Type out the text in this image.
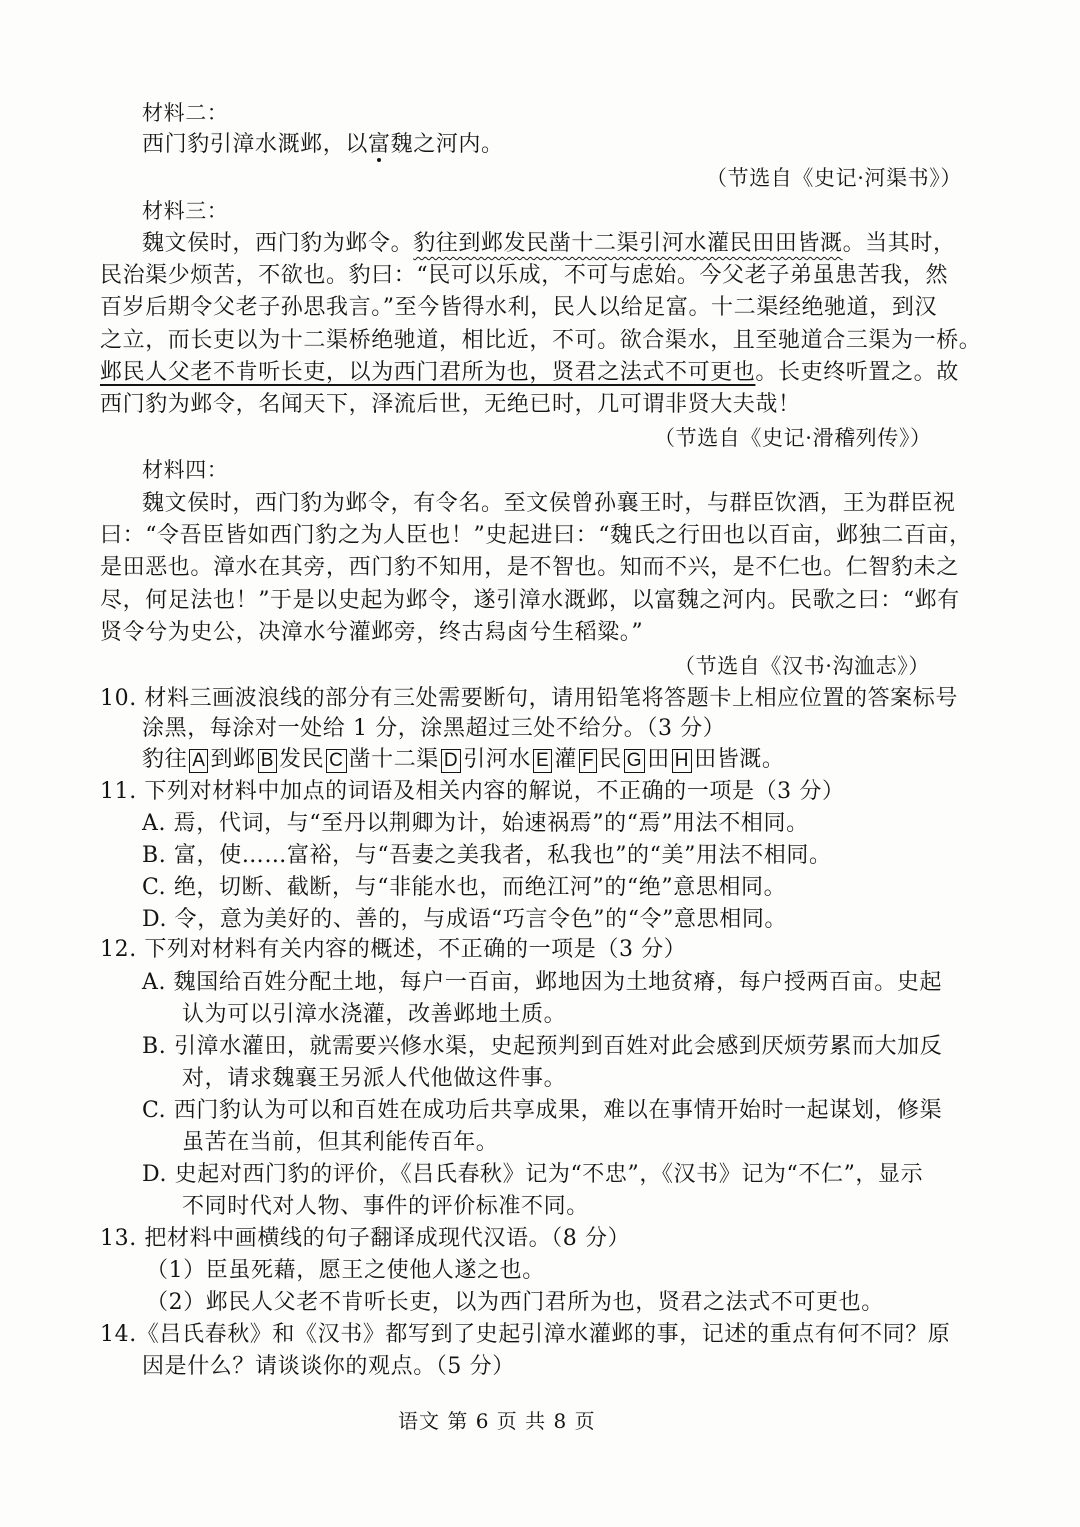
材料二：
西门豹引漳水溉邺，以富魏之河内。
（节选自《史记·河渠书》）
材料三：
魏文侯时，西门豹为邺令。豹往到邺发民凿十二渠引河水灌民田田皆溉。当其时，
民治渠少烦苦，不欲也。豹曰：“民可以乐成，不可与虑始。今父老子弟虽患苦我，然
百岁后期令父老子孙思我言。”至今皆得水利，民人以给足富。十二渠经绝驰道，到汉
之立，而长吏以为十二渠桥绝驰道，相比近，不可。欲合渠水，且至驰道合三渠为一桥。
邺民人父老不肯听长吏，以为西门君所为也，贤君之法式不可更也。长吏终听置之。故
西门豹为邺令，名闻天下，泽流后世，无绝已时，几可谓非贤大夫哉！
（节选自《史记·滑稽列传》）
材料四：
魏文侯时，西门豹为邺令，有令名。至文侯曾孙襄王时，与群臣饮酒，王为群臣祝
曰：“令吾臣皆如西门豹之为人臣也！”史起进曰：“魏氏之行田也以百亩，邺独二百亩，
是田恶也。漳水在其旁，西门豹不知用，是不智也。知而不兴，是不仁也。仁智豹未之
尽，何足法也！”于是以史起为邺令，遂引漳水溉邺，以富魏之河内。民歌之曰：“邺有
贤令兮为史公，决漳水兮灌邺旁，终古舄卤兮生稻粱。”
（节选自《汉书·沟洫志》）
10. 材料三画波浪线的部分有三处需要断句，请用铅笔将答题卡上相应位置的答案标号
涂黑，每涂对一处给 1 分，涂黑超过三处不给分。（3 分）
豹往 A 到邺 B 发民 C 凿十二渠 D 引河水 E 灌 F 民 G 田 H 田皆溉。
11. 下列对材料中加点的词语及相关内容的解说，不正确的一项是（3 分）
A. 焉，代词，与“至丹以荆卿为计，始速祸焉”的“焉”用法不相同。
B. 富，使……富裕，与“吾妻之美我者，私我也”的“美”用法不相同。
C. 绝，切断、截断，与“非能水也，而绝江河”的“绝”意思相同。
D. 令，意为美好的、善的，与成语“巧言令色”的“令”意思相同。
12. 下列对材料有关内容的概述，不正确的一项是（3 分）
A. 魏国给百姓分配土地，每户一百亩，邺地因为土地贫瘠，每户授两百亩。史起
认为可以引漳水浇灌，改善邺地土质。
B. 引漳水灌田，就需要兴修水渠，史起预判到百姓对此会感到厌烦劳累而大加反
对，请求魏襄王另派人代他做这件事。
C. 西门豹认为可以和百姓在成功后共享成果，难以在事情开始时一起谋划，修渠
虽苦在当前，但其利能传百年。
D. 史起对西门豹的评价，《吕氏春秋》记为“不忠”，《汉书》记为“不仁”，显示
不同时代对人物、事件的评价标准不同。
13. 把材料中画横线的句子翻译成现代汉语。（8 分）
（1）臣虽死藉，愿王之使他人遂之也。
（2）邺民人父老不肯听长吏，以为西门君所为也，贤君之法式不可更也。
14.《吕氏春秋》和《汉书》都写到了史起引漳水灌邺的事，记述的重点有何不同？原
因是什么？请谈谈你的观点。（5 分）
语文 第 6 页 共 8 页
